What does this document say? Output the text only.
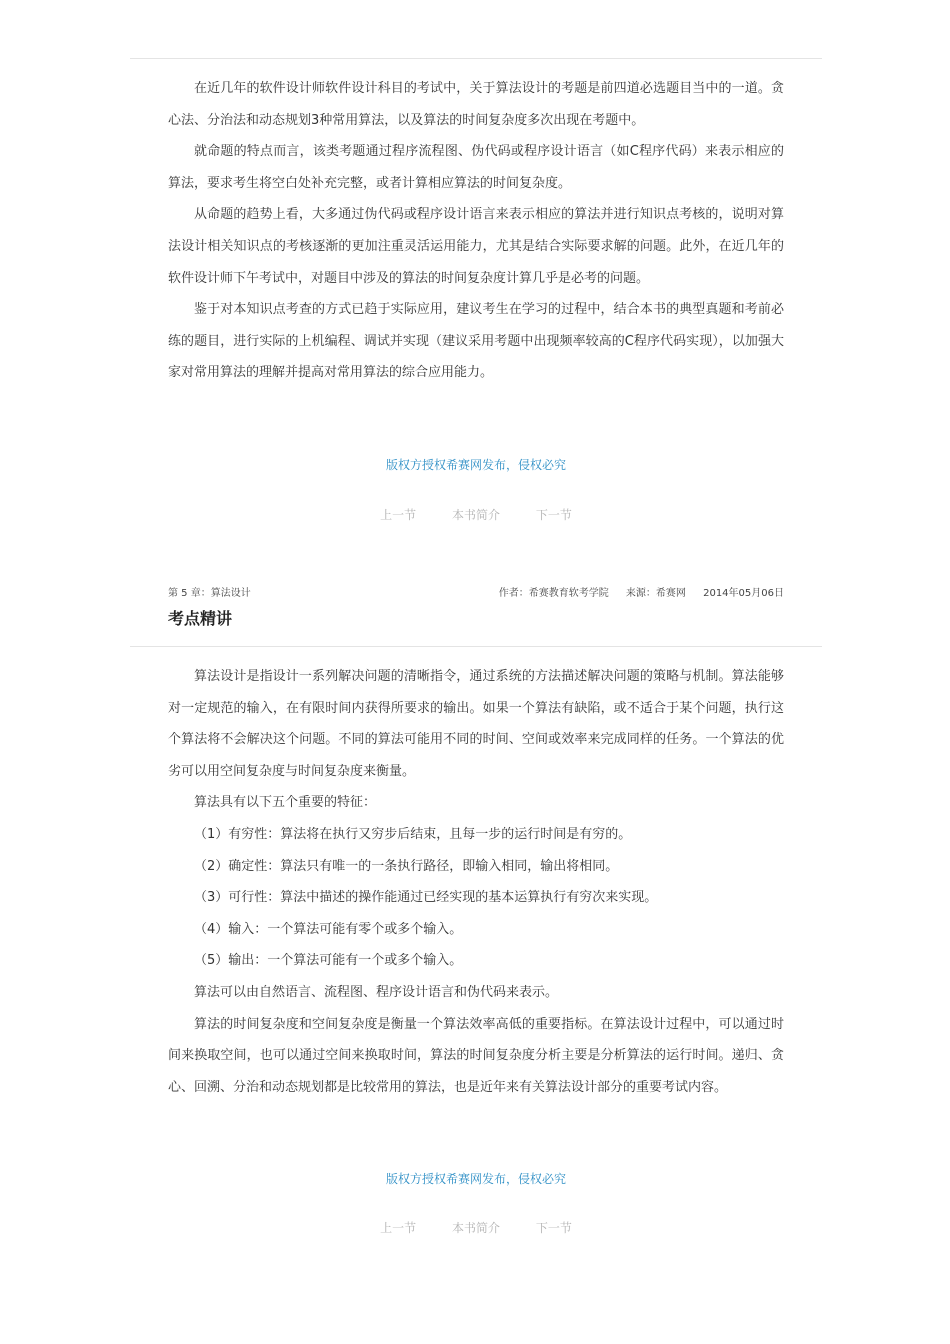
在近几年的软件设计师软件设计科目的考试中，关于算法设计的考题是前四道必选题目当中的一道。贪心法、分治法和动态规划3种常用算法，以及算法的时间复杂度多次出现在考题中。

就命题的特点而言，该类考题通过程序流程图、伪代码或程序设计语言（如C程序代码）来表示相应的算法，要求考生将空白处补充完整，或者计算相应算法的时间复杂度。

从命题的趋势上看，大多通过伪代码或程序设计语言来表示相应的算法并进行知识点考核的，说明对算法设计相关知识点的考核逐渐的更加注重灵活运用能力，尤其是结合实际要求解的问题。此外，在近几年的软件设计师下午考试中，对题目中涉及的算法的时间复杂度计算几乎是必考的问题。

鉴于对本知识点考查的方式已趋于实际应用，建议考生在学习的过程中，结合本书的典型真题和考前必练的题目，进行实际的上机编程、调试并实现（建议采用考题中出现频率较高的C程序代码实现），以加强大家对常用算法的理解并提高对常用算法的综合应用能力。

版权方授权希赛网发布，侵权必究
上一节	本书简介	下一节
第 5 章：算法设计	作者：希赛教育软考学院 来源：希赛网 2014年05月06日
考点精讲

算法设计是指设计一系列解决问题的清晰指令，通过系统的方法描述解决问题的策略与机制。算法能够对一定规范的输入，在有限时间内获得所要求的输出。如果一个算法有缺陷，或不适合于某个问题，执行这个算法将不会解决这个问题。不同的算法可能用不同的时间、空间或效率来完成同样的任务。一个算法的优劣可以用空间复杂度与时间复杂度来衡量。

算法具有以下五个重要的特征：

（1）有穷性：算法将在执行又穷步后结束，且每一步的运行时间是有穷的。

（2）确定性：算法只有唯一的一条执行路径，即输入相同，输出将相同。

（3）可行性：算法中描述的操作能通过已经实现的基本运算执行有穷次来实现。

（4）输入：一个算法可能有零个或多个输入。

（5）输出：一个算法可能有一个或多个输入。

算法可以由自然语言、流程图、程序设计语言和伪代码来表示。

算法的时间复杂度和空间复杂度是衡量一个算法效率高低的重要指标。在算法设计过程中，可以通过时间来换取空间，也可以通过空间来换取时间，算法的时间复杂度分析主要是分析算法的运行时间。递归、贪心、回溯、分治和动态规划都是比较常用的算法，也是近年来有关算法设计部分的重要考试内容。

版权方授权希赛网发布，侵权必究
上一节	本书简介	下一节
